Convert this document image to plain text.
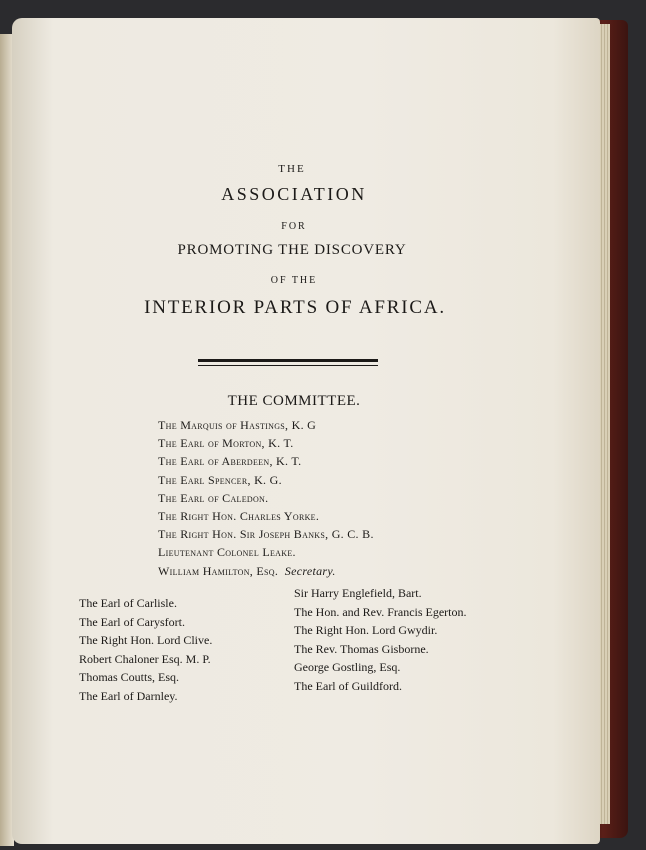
THE
ASSOCIATION
FOR
PROMOTING THE DISCOVERY
OF THE
INTERIOR PARTS OF AFRICA.
THE COMMITTEE.
The Marquis of Hastings, K. G
The Earl of Morton, K. T.
The Earl of Aberdeen, K. T.
The Earl Spencer, K. G.
The Earl of Caledon.
The Right Hon. Charles Yorke.
The Right Hon. Sir Joseph Banks, G. C. B.
Lieutenant Colonel Leake.
William Hamilton, Esq. Secretary.
The Earl of Carlisle.
The Earl of Carysfort.
The Right Hon. Lord Clive.
Robert Chaloner Esq. M. P.
Thomas Coutts, Esq.
The Earl of Darnley.
Sir Harry Englefield, Bart.
The Hon. and Rev. Francis Egerton.
The Right Hon. Lord Gwydir.
The Rev. Thomas Gisborne.
George Gostling, Esq.
The Earl of Guildford.
